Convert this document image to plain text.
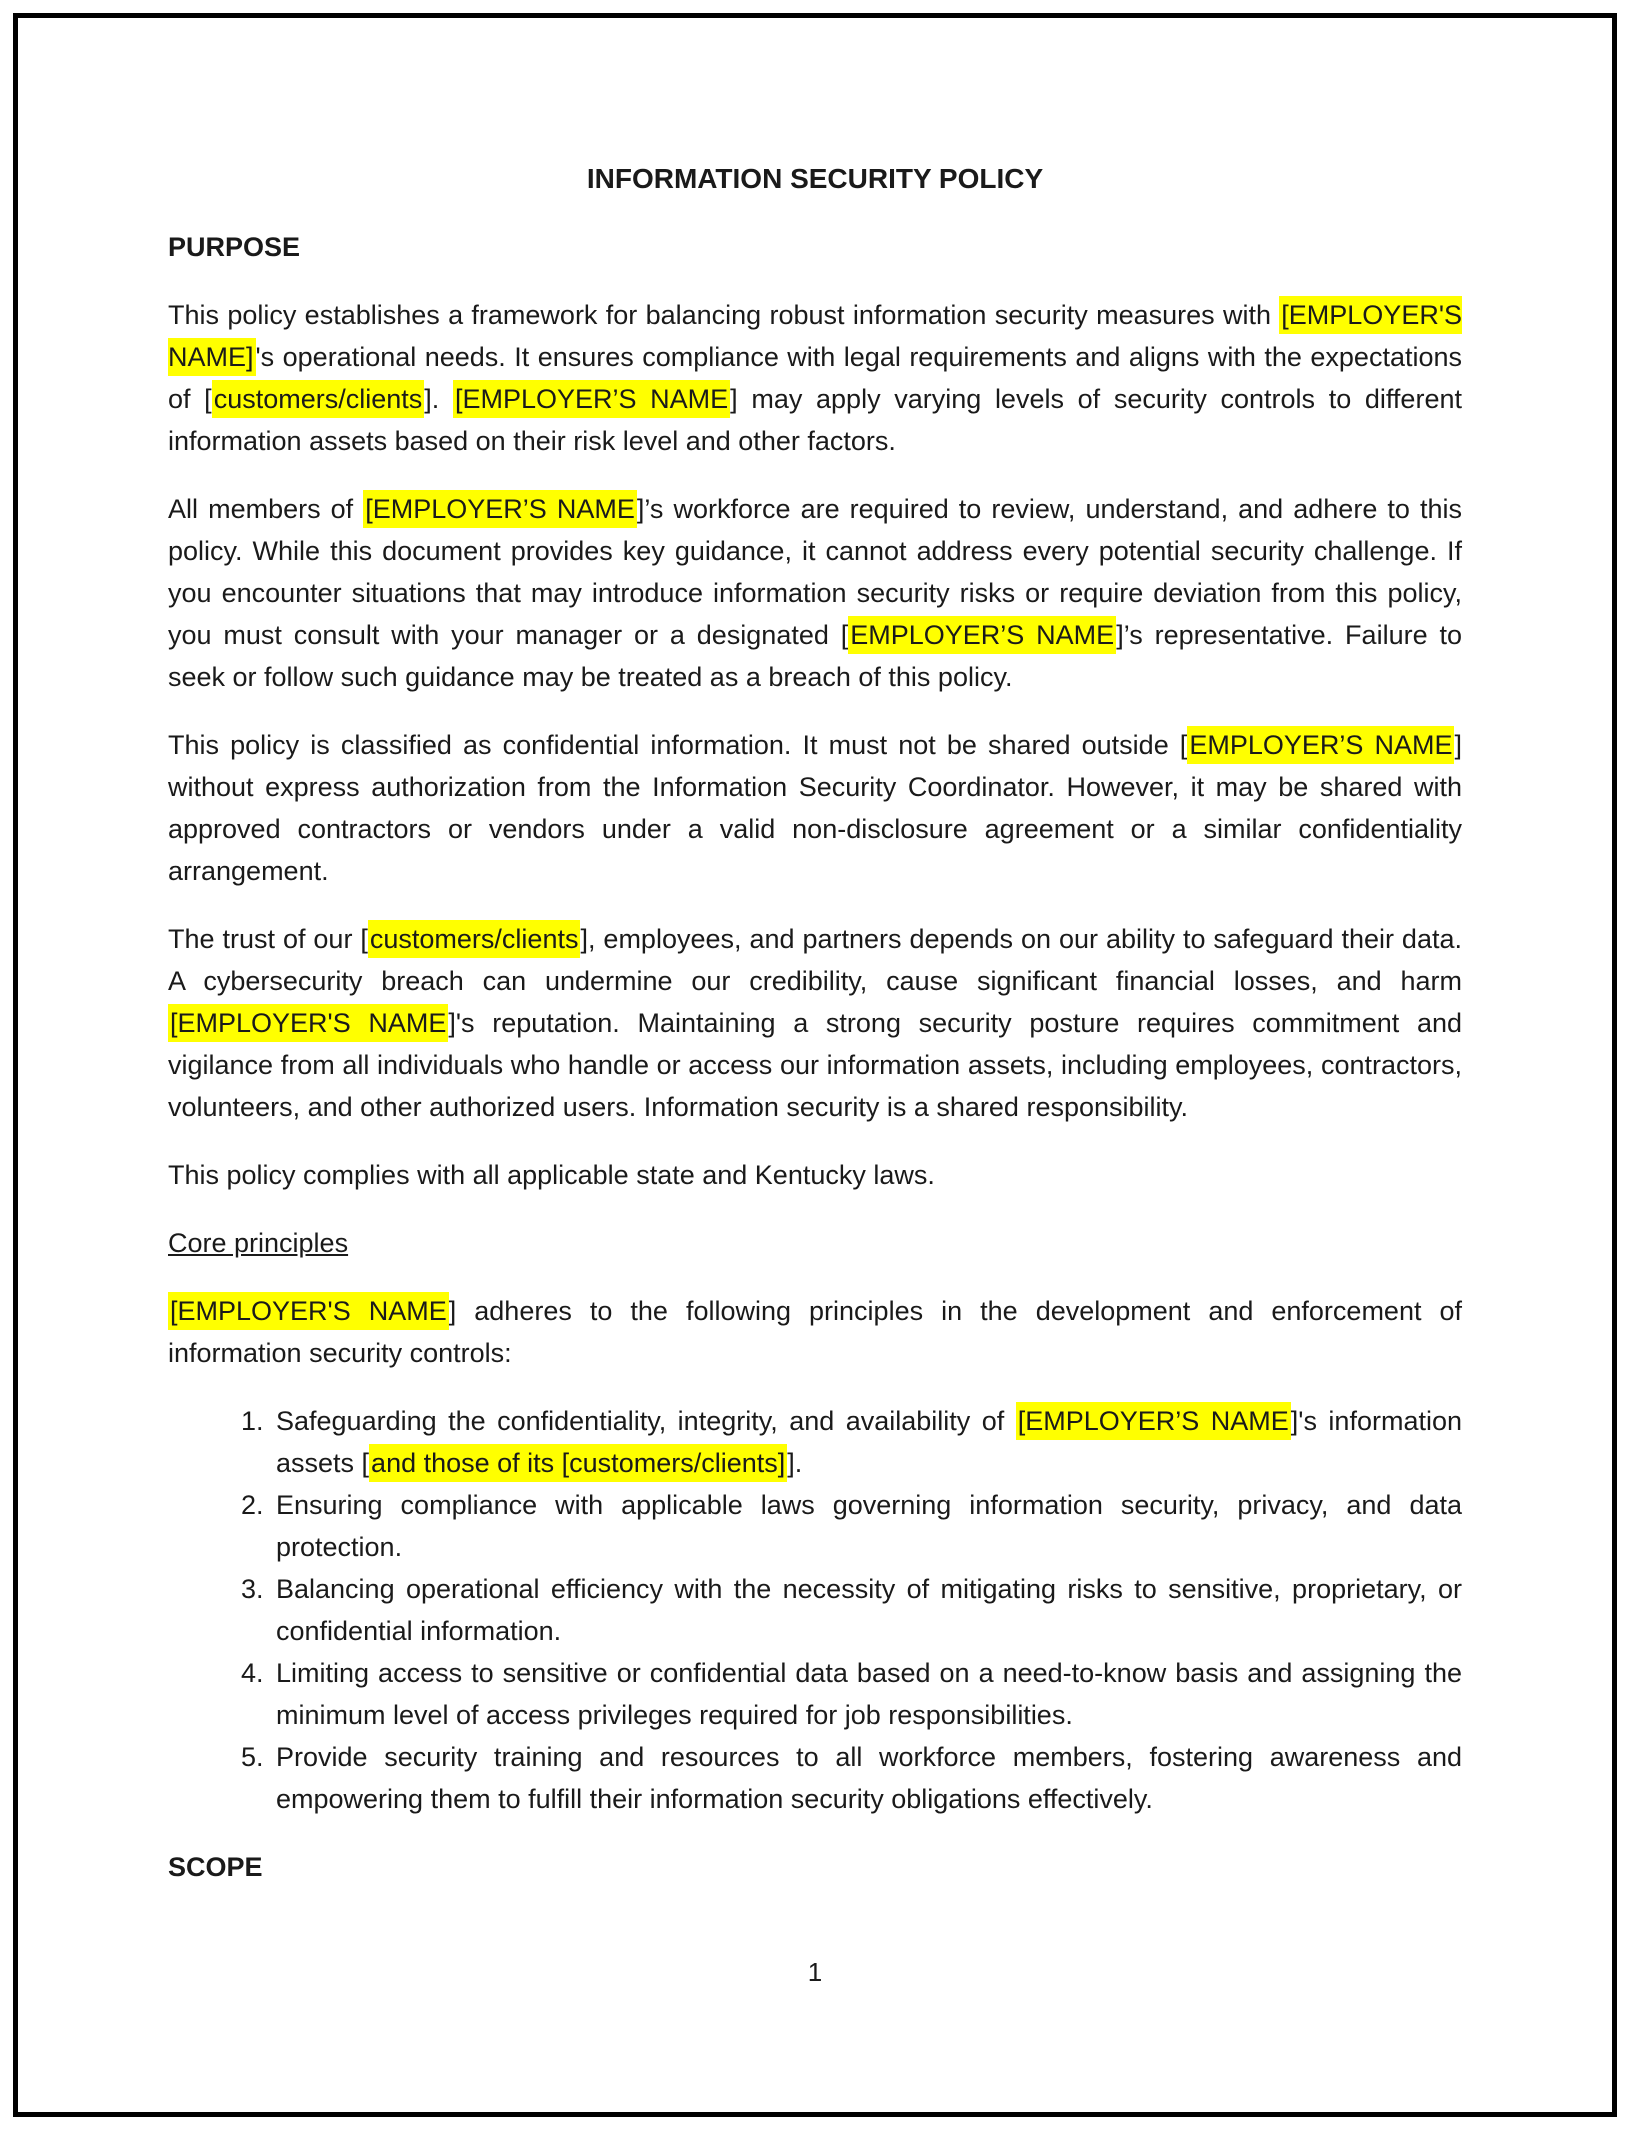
INFORMATION SECURITY POLICY

PURPOSE

This policy establishes a framework for balancing robust information security measures with [EMPLOYER'S NAME]'s operational needs. It ensures compliance with legal requirements and aligns with the expectations of [customers/clients]. [EMPLOYER’S NAME] may apply varying levels of security controls to different information assets based on their risk level and other factors.

All members of [EMPLOYER’S NAME]’s workforce are required to review, understand, and adhere to this policy. While this document provides key guidance, it cannot address every potential security challenge. If you encounter situations that may introduce information security risks or require deviation from this policy, you must consult with your manager or a designated [EMPLOYER’S NAME]’s representative. Failure to seek or follow such guidance may be treated as a breach of this policy.

This policy is classified as confidential information. It must not be shared outside [EMPLOYER’S NAME] without express authorization from the Information Security Coordinator. However, it may be shared with approved contractors or vendors under a valid non-disclosure agreement or a similar confidentiality arrangement.

The trust of our [customers/clients], employees, and partners depends on our ability to safeguard their data. A cybersecurity breach can undermine our credibility, cause significant financial losses, and harm [EMPLOYER'S NAME]'s reputation. Maintaining a strong security posture requires commitment and vigilance from all individuals who handle or access our information assets, including employees, contractors, volunteers, and other authorized users. Information security is a shared responsibility.

This policy complies with all applicable state and Kentucky laws.

Core principles

[EMPLOYER'S NAME] adheres to the following principles in the development and enforcement of information security controls:

1. Safeguarding the confidentiality, integrity, and availability of [EMPLOYER’S NAME]'s information assets [and those of its [customers/clients]].
2. Ensuring compliance with applicable laws governing information security, privacy, and data protection.
3. Balancing operational efficiency with the necessity of mitigating risks to sensitive, proprietary, or confidential information.
4. Limiting access to sensitive or confidential data based on a need-to-know basis and assigning the minimum level of access privileges required for job responsibilities.
5. Provide security training and resources to all workforce members, fostering awareness and empowering them to fulfill their information security obligations effectively.

SCOPE

1
